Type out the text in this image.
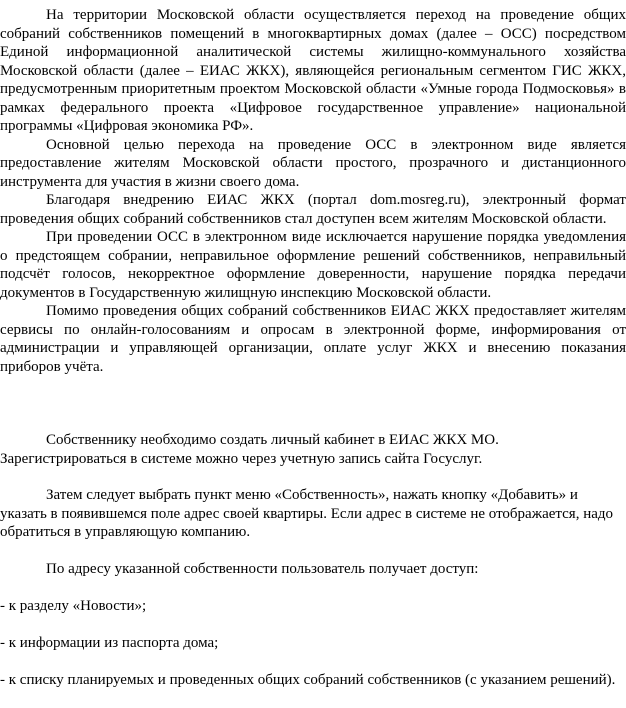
На территории Московской области осуществляется переход на проведение общих собраний собственников помещений в многоквартирных домах (далее – ОСС) посредством Единой информационной аналитической системы жилищно-коммунального хозяйства Московской области (далее – ЕИАС ЖКХ), являющейся региональным сегментом ГИС ЖКХ, предусмотренным приоритетным проектом Московской области «Умные города Подмосковья» в рамках федерального проекта «Цифровое государственное управление» национальной программы «Цифровая экономика РФ».

Основной целью перехода на проведение ОСС в электронном виде является предоставление жителям Московской области простого, прозрачного и дистанционного инструмента для участия в жизни своего дома.

Благодаря внедрению ЕИАС ЖКХ (портал dom.mosreg.ru), электронный формат проведения общих собраний собственников стал доступен всем жителям Московской области.

При проведении ОСС в электронном виде исключается нарушение порядка уведомления о предстоящем собрании, неправильное оформление решений собственников, неправильный подсчёт голосов, некорректное оформление доверенности, нарушение порядка передачи документов в Государственную жилищную инспекцию Московской области.

Помимо проведения общих собраний собственников ЕИАС ЖКХ предоставляет жителям сервисы по онлайн-голосованиям и опросам в электронной форме, информирования от администрации и управляющей организации, оплате услуг ЖКХ и внесению показания приборов учёта.

Собственнику необходимо создать личный кабинет в ЕИАС ЖКХ МО. Зарегистрироваться в системе можно через учетную запись сайта Госуслуг.

Затем следует выбрать пункт меню «Собственность», нажать кнопку «Добавить» и указать в появившемся поле адрес своей квартиры. Если адрес в системе не отображается, надо обратиться в управляющую компанию.

По адресу указанной собственности пользователь получает доступ:

- к разделу «Новости»;

- к информации из паспорта дома;

- к списку планируемых и проведенных общих собраний собственников (с указанием решений).
